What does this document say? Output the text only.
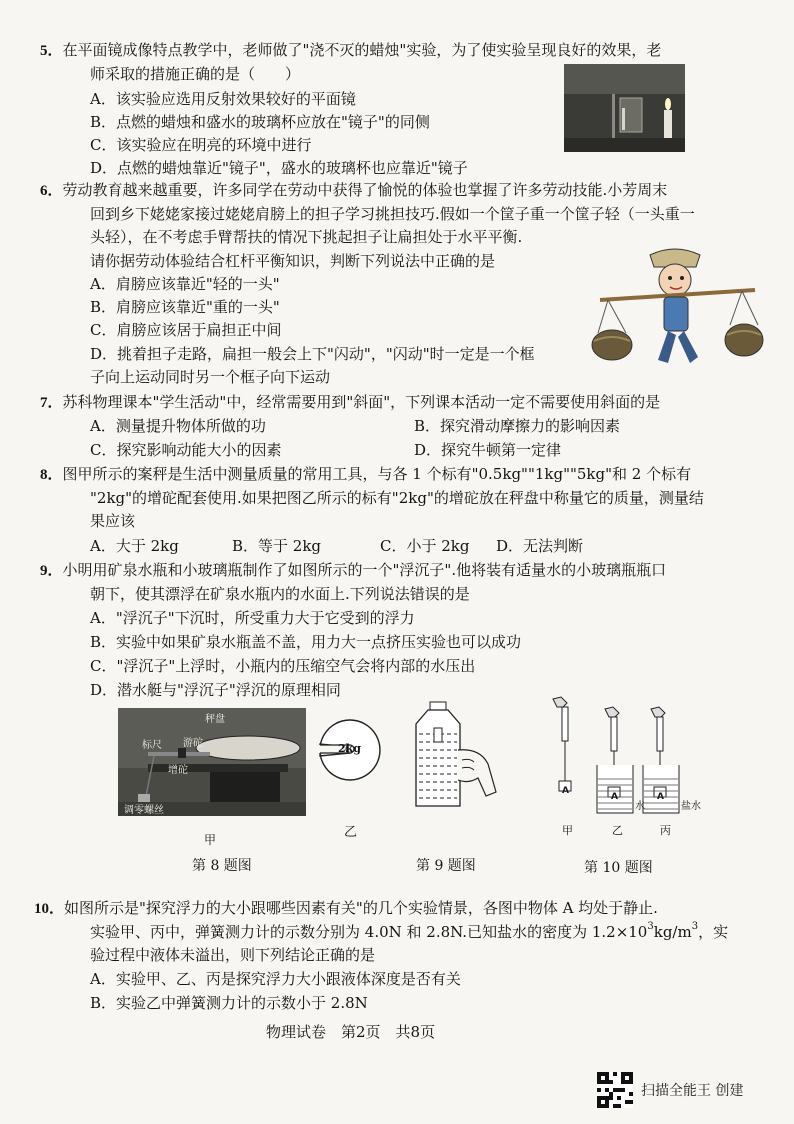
5．在平面镜成像特点教学中，老师做了"浇不灭的蜡烛"实验，为了使实验呈现良好的效果，老
师采取的措施正确的是（　　）
A．该实验应选用反射效果较好的平面镜
B．点燃的蜡烛和盛水的玻璃杯应放在"镜子"的同侧
C．该实验应在明亮的环境中进行
D．点燃的蜡烛靠近"镜子"，盛水的玻璃杯也应靠近"镜子
6．劳动教育越来越重要，许多同学在劳动中获得了愉悦的体验也掌握了许多劳动技能.小芳周末
回到乡下姥姥家接过姥姥肩膀上的担子学习挑担技巧.假如一个筐子重一个筐子轻（一头重一
头轻），在不考虑手臂帮扶的情况下挑起担子让扁担处于水平平衡.
请你据劳动体验结合杠杆平衡知识，判断下列说法中正确的是
A．肩膀应该靠近"轻的一头"
B．肩膀应该靠近"重的一头"
C．肩膀应该居于扁担正中间
D．挑着担子走路，扁担一般会上下"闪动"，"闪动"时一定是一个框
子向上运动同时另一个框子向下运动
7．苏科物理课本"学生活动"中，经常需要用到"斜面"，下列课本活动一定不需要使用斜面的是
A．测量提升物体所做的功	B．探究滑动摩擦力的影响因素
C．探究影响动能大小的因素	D．探究牛顿第一定律
8．图甲所示的案秤是生活中测量质量的常用工具，与各 1 个标有"0.5kg""1kg""5kg"和 2 个标有
"2kg"的增砣配套使用.如果把图乙所示的标有"2kg"的增砣放在秤盘中称量它的质量，测量结
果应该
A．大于 2kg	B．等于 2kg	C．小于 2kg D．无法判断
9．小明用矿泉水瓶和小玻璃瓶制作了如图所示的一个"浮沉子".他将装有适量水的小玻璃瓶瓶口
朝下，使其漂浮在矿泉水瓶内的水面上.下列说法错误的是
A．"浮沉子"下沉时，所受重力大于它受到的浮力
B．实验中如果矿泉水瓶盖不盖，用力大一点挤压实验也可以成功
C．"浮沉子"上浮时，小瓶内的压缩空气会将内部的水压出
D．潜水艇与"浮沉子"浮沉的原理相同
秤盘
标尺 游砣
增砣
调零螺丝
甲
2kg
乙
第 8 题图	第 9 题图
A
A	A
水	盐水
甲	乙	丙
第 10 题图
10．如图所示是"探究浮力的大小跟哪些因素有关"的几个实验情景，各图中物体 A 均处于静止.
实验甲、丙中，弹簧测力计的示数分别为 4.0N 和 2.8N.已知盐水的密度为 $1.2\times 10^3kg/m^3$，实
验过程中液体未溢出，则下列结论正确的是
A．实验甲、乙、丙是探究浮力大小跟液体深度是否有关
B．实验乙中弹簧测力计的示数小于 2.8N
物理试卷　第2页　共8页
扫描全能王 创建
